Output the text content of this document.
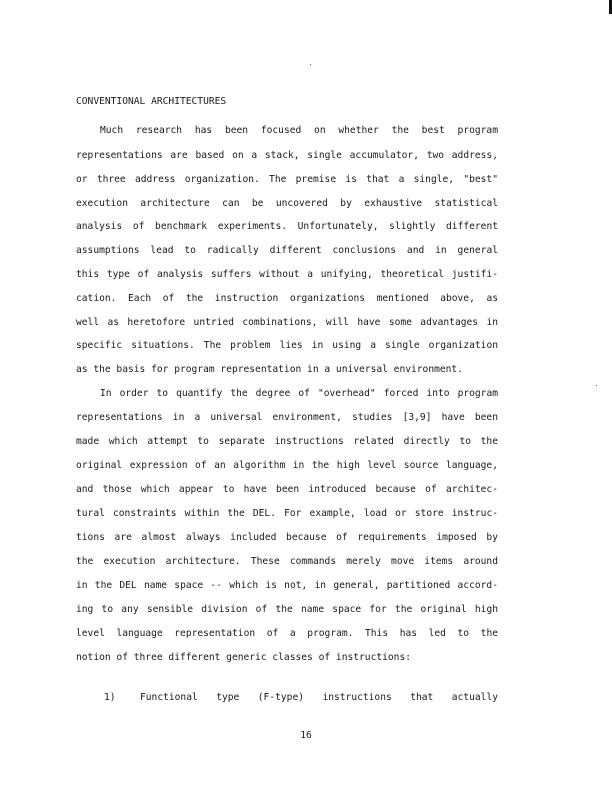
CONVENTIONAL ARCHITECTURES
Much research has been focused on whether the best program
representations are based on a stack, single accumulator, two address,
or three address organization. The premise is that a single, "best"
execution architecture can be uncovered by exhaustive statistical
analysis of benchmark experiments. Unfortunately, slightly different
assumptions lead to radically different conclusions and in general
this type of analysis suffers without a unifying, theoretical justifi-
cation. Each of the instruction organizations mentioned above, as
well as heretofore untried combinations, will have some advantages in
specific situations. The problem lies in using a single organization
as the basis for program representation in a universal environment.
In order to quantify the degree of "overhead" forced into program
representations in a universal environment, studies [3,9] have been
made which attempt to separate instructions related directly to the
original expression of an algorithm in the high level source language,
and those which appear to have been introduced because of architec-
tural constraints within the DEL. For example, load or store instruc-
tions are almost always included because of requirements imposed by
the execution architecture. These commands merely move items around
in the DEL name space -- which is not, in general, partitioned accord-
ing to any sensible division of the name space for the original high
level language representation of a program. This has led to the
notion of three different generic classes of instructions:
1)	Functional type (F-type) instructions that actually
16
